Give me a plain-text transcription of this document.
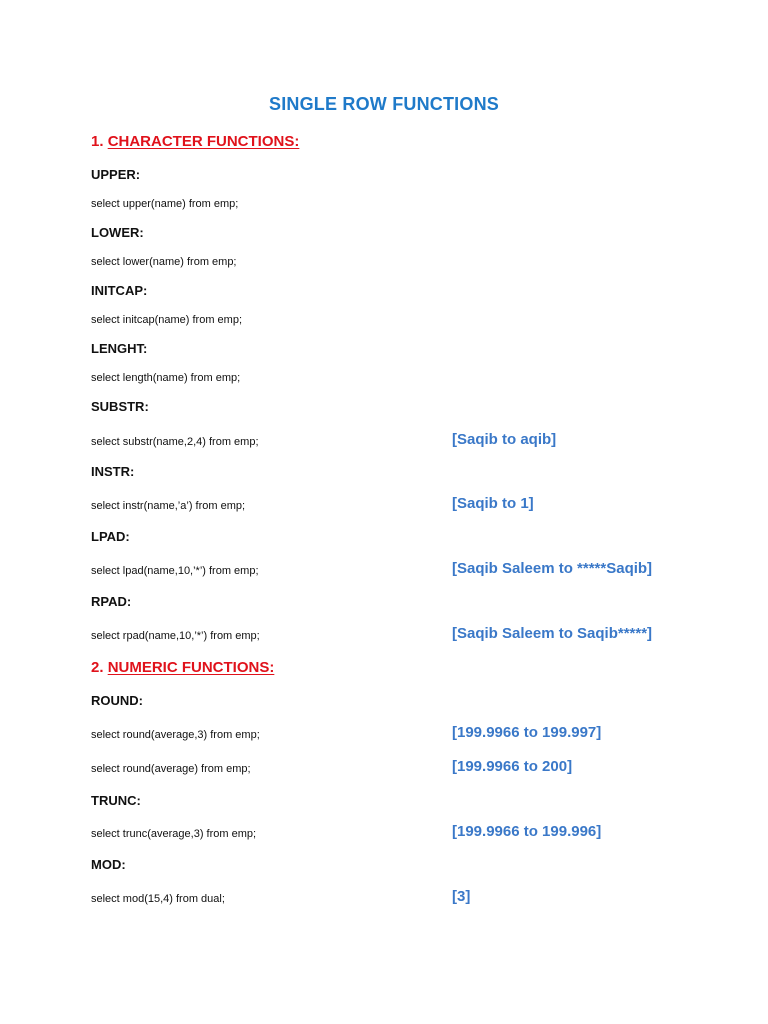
SINGLE ROW FUNCTIONS
1. CHARACTER FUNCTIONS:
UPPER:
select upper(name) from emp;
LOWER:
select lower(name) from emp;
INITCAP:
select initcap(name) from emp;
LENGHT:
select length(name) from emp;
SUBSTR:
select substr(name,2,4) from emp;	[Saqib to aqib]
INSTR:
select instr(name,’a’) from emp;	[Saqib to 1]
LPAD:
select lpad(name,10,’*’) from emp;	[Saqib Saleem to *****Saqib]
RPAD:
select rpad(name,10,’*’) from emp;	[Saqib Saleem to Saqib*****]
2. NUMERIC FUNCTIONS:
ROUND:
select round(average,3) from emp;	[199.9966 to 199.997]
select round(average) from emp;	[199.9966 to 200]
TRUNC:
select trunc(average,3) from emp;	[199.9966 to 199.996]
MOD:
select mod(15,4) from dual;	[3]
